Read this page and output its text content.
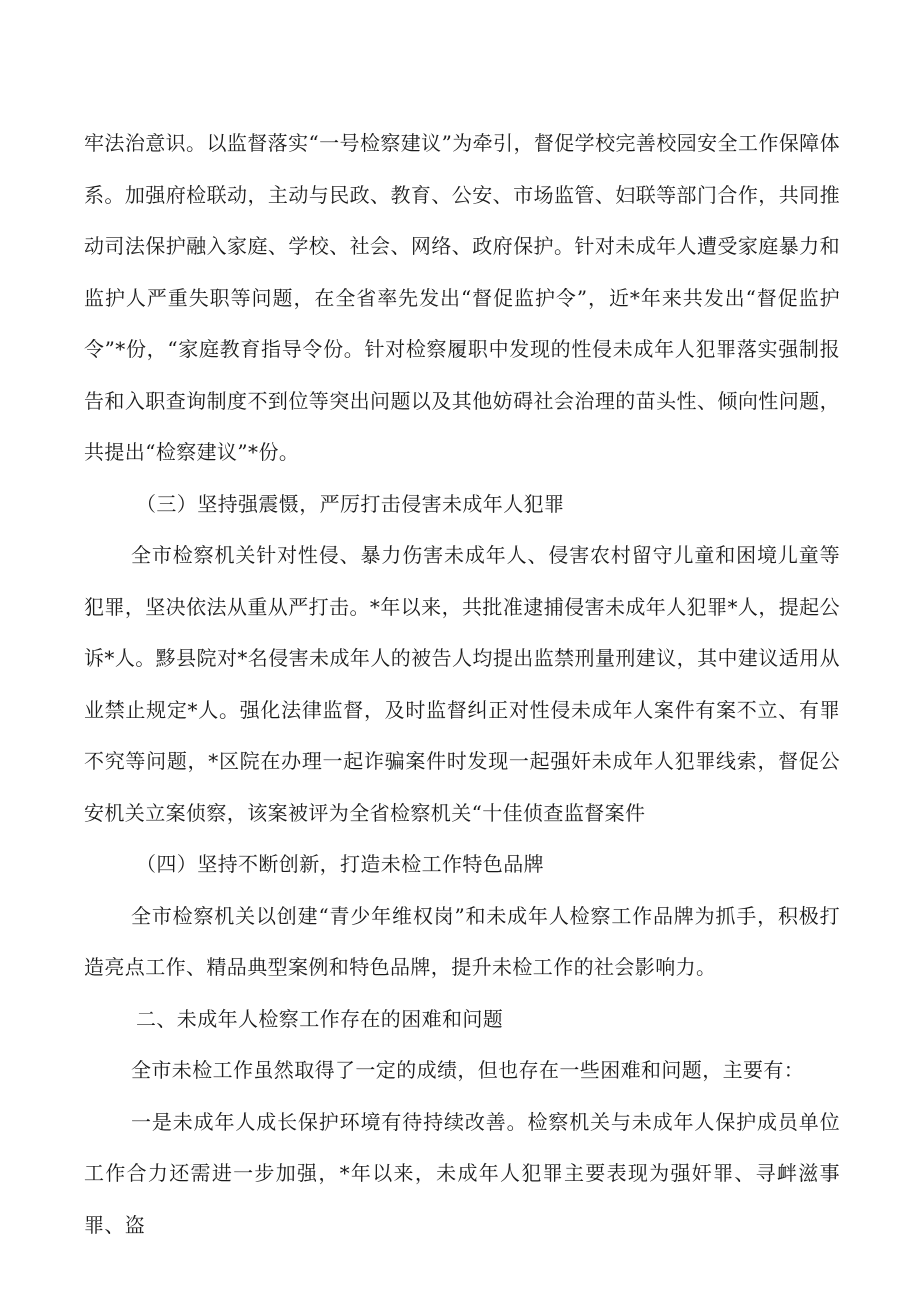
牢法治意识。以监督落实“一号检察建议”为牵引，督促学校完善校园安全工作保障体系。加强府检联动，主动与民政、教育、公安、市场监管、妇联等部门合作，共同推动司法保护融入家庭、学校、社会、网络、政府保护。针对未成年人遭受家庭暴力和监护人严重失职等问题，在全省率先发出“督促监护令”，近*年来共发出“督促监护令”*份，“家庭教育指导令份。针对检察履职中发现的性侵未成年人犯罪落实强制报告和入职查询制度不到位等突出问题以及其他妨碍社会治理的苗头性、倾向性问题，共提出“检察建议”*份。

（三）坚持强震慑，严厉打击侵害未成年人犯罪

全市检察机关针对性侵、暴力伤害未成年人、侵害农村留守儿童和困境儿童等犯罪，坚决依法从重从严打击。*年以来，共批准逮捕侵害未成年人犯罪*人，提起公诉*人。黟县院对*名侵害未成年人的被告人均提出监禁刑量刑建议，其中建议适用从业禁止规定*人。强化法律监督，及时监督纠正对性侵未成年人案件有案不立、有罪不究等问题，*区院在办理一起诈骗案件时发现一起强奸未成年人犯罪线索，督促公安机关立案侦察，该案被评为全省检察机关“十佳侦查监督案件

（四）坚持不断创新，打造未检工作特色品牌

全市检察机关以创建“青少年维权岗”和未成年人检察工作品牌为抓手，积极打造亮点工作、精品典型案例和特色品牌，提升未检工作的社会影响力。

二、未成年人检察工作存在的困难和问题

全市未检工作虽然取得了一定的成绩，但也存在一些困难和问题，主要有：

一是未成年人成长保护环境有待持续改善。检察机关与未成年人保护成员单位工作合力还需进一步加强，*年以来，未成年人犯罪主要表现为强奸罪、寻衅滋事罪、盗
